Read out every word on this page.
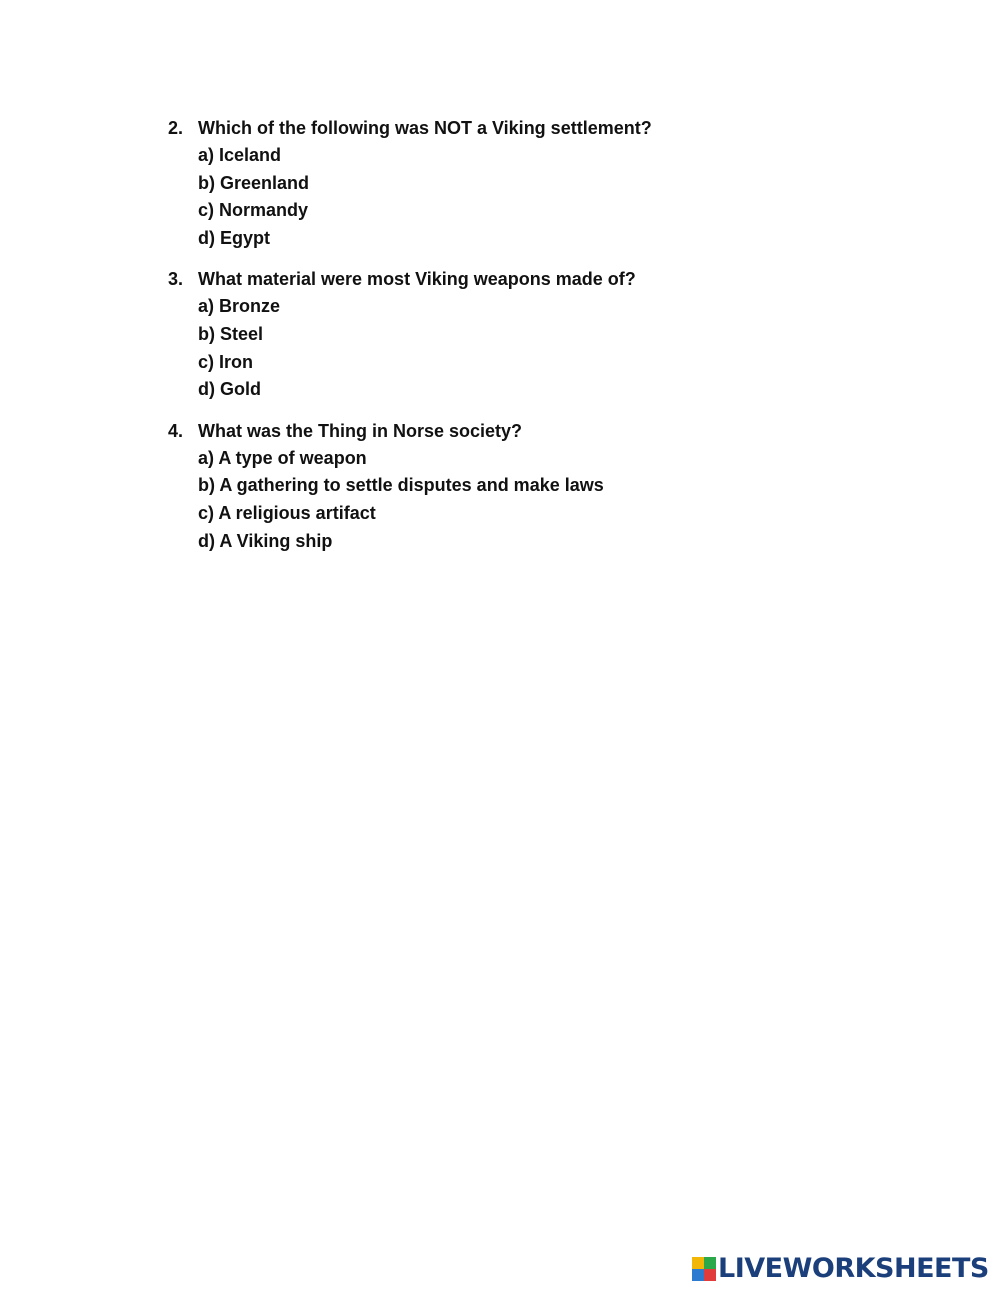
2. Which of the following was NOT a Viking settlement?
a) Iceland
b) Greenland
c) Normandy
d) Egypt
3. What material were most Viking weapons made of?
a) Bronze
b) Steel
c) Iron
d) Gold
4. What was the Thing in Norse society?
a) A type of weapon
b) A gathering to settle disputes and make laws
c) A religious artifact
d) A Viking ship
LIVEWORKSHEETS
